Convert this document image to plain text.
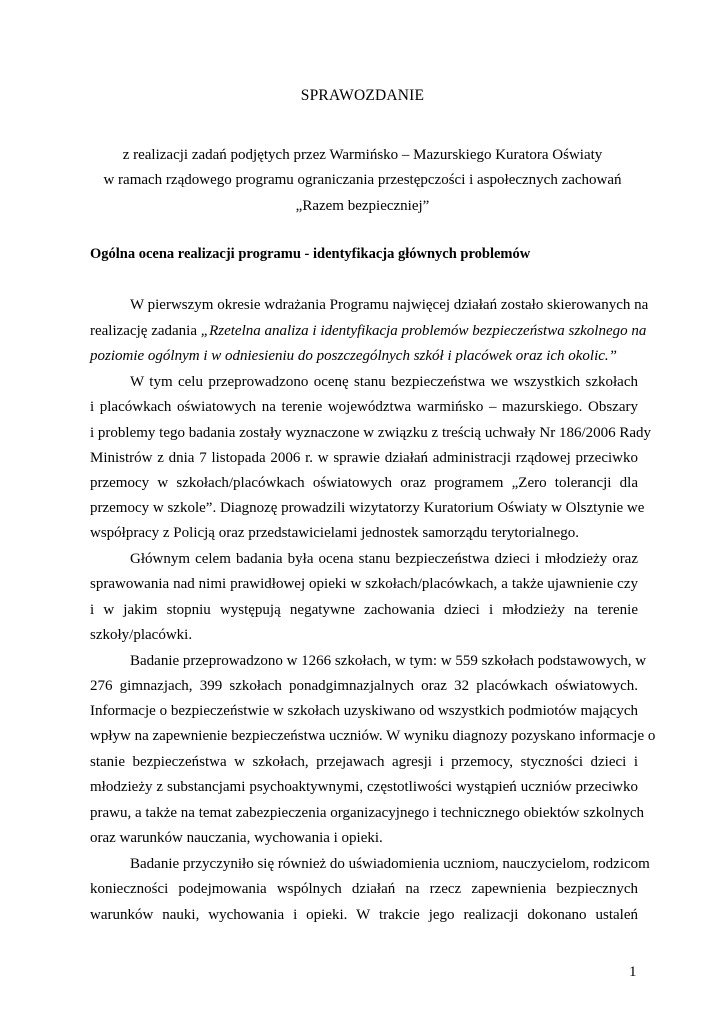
SPRAWOZDANIE
z realizacji zadań podjętych przez Warmińsko – Mazurskiego Kuratora Oświaty
w ramach rządowego programu ograniczania przestępczości i aspołecznych zachowań
„Razem bezpieczniej”
Ogólna ocena realizacji programu - identyfikacja głównych problemów
W pierwszym okresie wdrażania Programu najwięcej działań zostało skierowanych na
realizację zadania „Rzetelna analiza i identyfikacja problemów bezpieczeństwa szkolnego na
poziomie ogólnym i w odniesieniu do poszczególnych szkół i placówek oraz ich okolic.”
W tym celu przeprowadzono ocenę stanu bezpieczeństwa we wszystkich szkołach
i placówkach oświatowych na terenie województwa warmińsko – mazurskiego. Obszary
i problemy tego badania zostały wyznaczone w związku z treścią uchwały Nr 186/2006 Rady
Ministrów z dnia 7 listopada 2006 r. w sprawie działań administracji rządowej przeciwko
przemocy w szkołach/placówkach oświatowych oraz programem „Zero tolerancji dla
przemocy w szkole”. Diagnozę prowadzili wizytatorzy Kuratorium Oświaty w Olsztynie we
współpracy z Policją oraz przedstawicielami jednostek samorządu terytorialnego.
Głównym celem badania była ocena stanu bezpieczeństwa dzieci i młodzieży oraz
sprawowania nad nimi prawidłowej opieki w szkołach/placówkach, a także ujawnienie czy
i w jakim stopniu występują negatywne zachowania dzieci i młodzieży na terenie
szkoły/placówki.
Badanie przeprowadzono w 1266 szkołach, w tym: w 559 szkołach podstawowych, w
276 gimnazjach, 399 szkołach ponadgimnazjalnych oraz 32 placówkach oświatowych.
Informacje o bezpieczeństwie w szkołach uzyskiwano od wszystkich podmiotów mających
wpływ na zapewnienie bezpieczeństwa uczniów. W wyniku diagnozy pozyskano informacje o
stanie bezpieczeństwa w szkołach, przejawach agresji i przemocy, styczności dzieci i
młodzieży z substancjami psychoaktywnymi, częstotliwości wystąpień uczniów przeciwko
prawu, a także na temat zabezpieczenia organizacyjnego i technicznego obiektów szkolnych
oraz warunków nauczania, wychowania i opieki.
Badanie przyczyniło się również do uświadomienia uczniom, nauczycielom, rodzicom
konieczności podejmowania wspólnych działań na rzecz zapewnienia bezpiecznych
warunków nauki, wychowania i opieki. W trakcie jego realizacji dokonano ustaleń
1
